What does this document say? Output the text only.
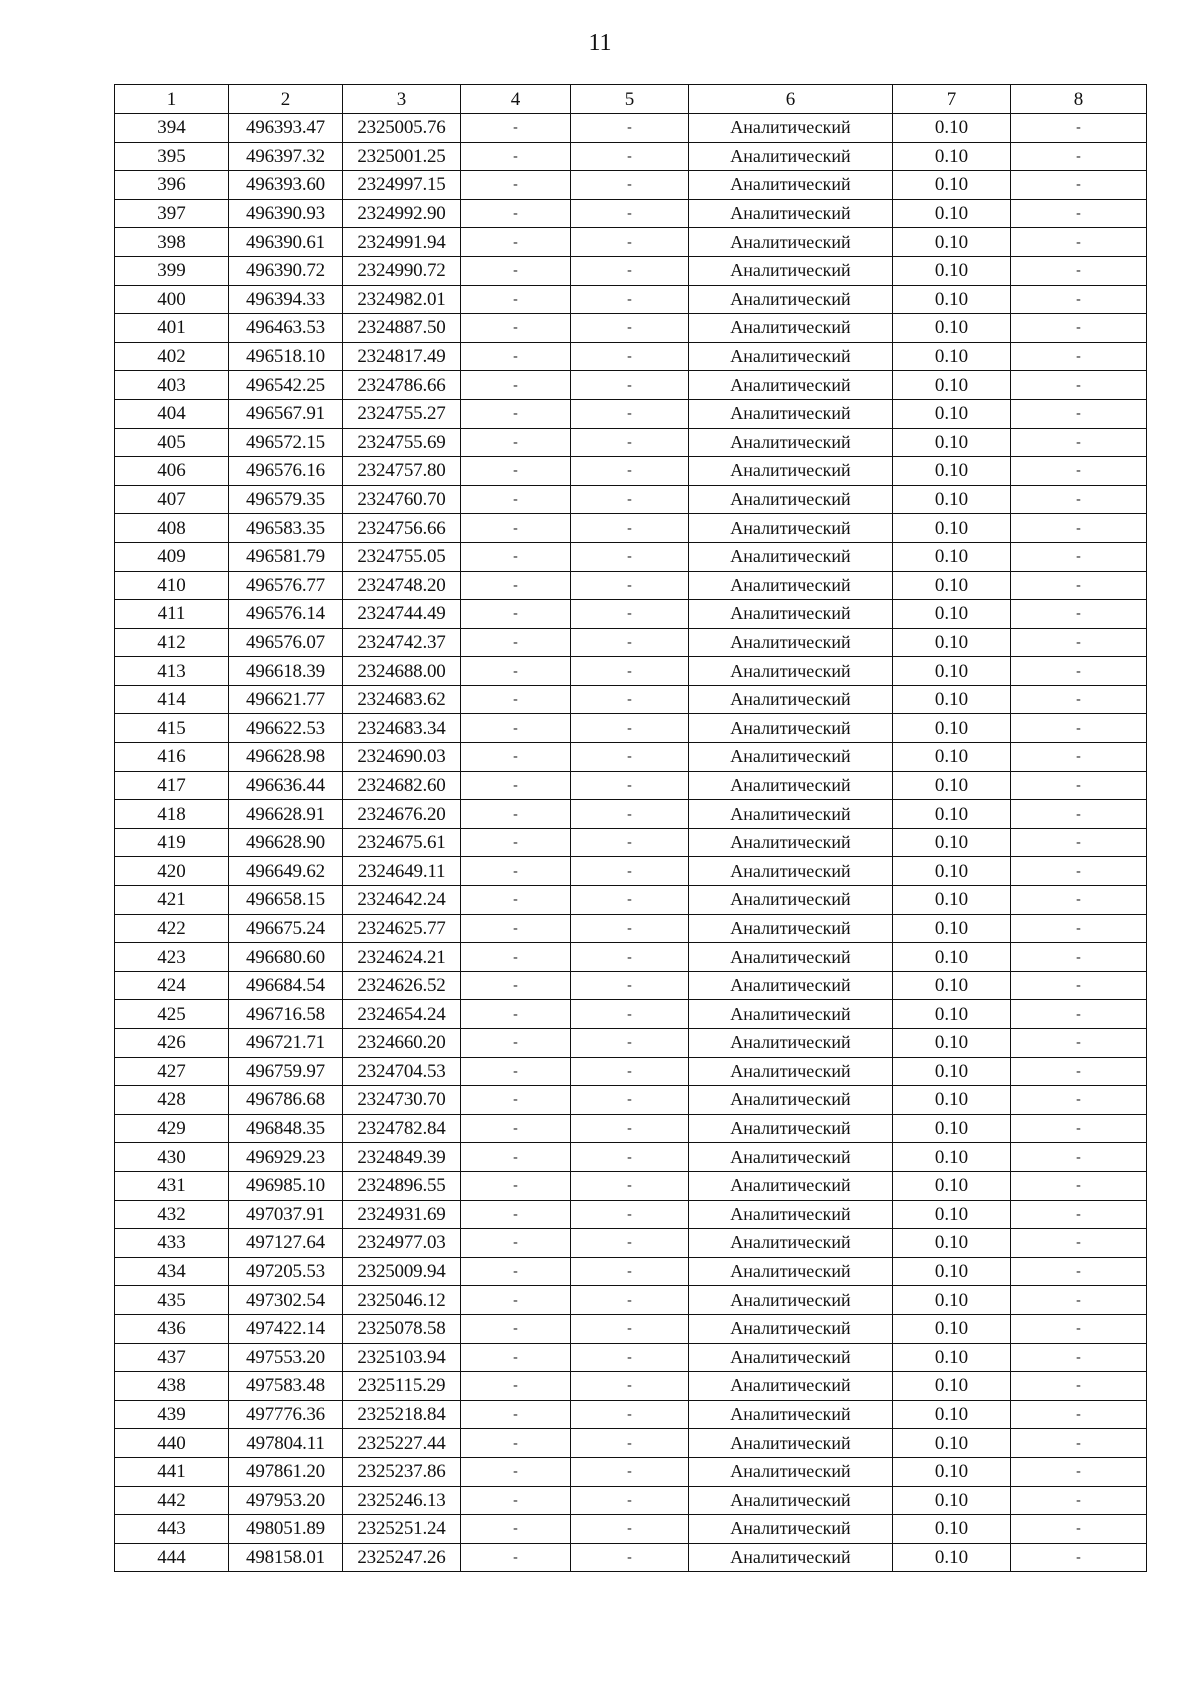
11
1	2	3	4	5	6	7	8
394	496393.47	2325005.76	-	-	Аналитический	0.10	-
395	496397.32	2325001.25	-	-	Аналитический	0.10	-
396	496393.60	2324997.15	-	-	Аналитический	0.10	-
397	496390.93	2324992.90	-	-	Аналитический	0.10	-
398	496390.61	2324991.94	-	-	Аналитический	0.10	-
399	496390.72	2324990.72	-	-	Аналитический	0.10	-
400	496394.33	2324982.01	-	-	Аналитический	0.10	-
401	496463.53	2324887.50	-	-	Аналитический	0.10	-
402	496518.10	2324817.49	-	-	Аналитический	0.10	-
403	496542.25	2324786.66	-	-	Аналитический	0.10	-
404	496567.91	2324755.27	-	-	Аналитический	0.10	-
405	496572.15	2324755.69	-	-	Аналитический	0.10	-
406	496576.16	2324757.80	-	-	Аналитический	0.10	-
407	496579.35	2324760.70	-	-	Аналитический	0.10	-
408	496583.35	2324756.66	-	-	Аналитический	0.10	-
409	496581.79	2324755.05	-	-	Аналитический	0.10	-
410	496576.77	2324748.20	-	-	Аналитический	0.10	-
411	496576.14	2324744.49	-	-	Аналитический	0.10	-
412	496576.07	2324742.37	-	-	Аналитический	0.10	-
413	496618.39	2324688.00	-	-	Аналитический	0.10	-
414	496621.77	2324683.62	-	-	Аналитический	0.10	-
415	496622.53	2324683.34	-	-	Аналитический	0.10	-
416	496628.98	2324690.03	-	-	Аналитический	0.10	-
417	496636.44	2324682.60	-	-	Аналитический	0.10	-
418	496628.91	2324676.20	-	-	Аналитический	0.10	-
419	496628.90	2324675.61	-	-	Аналитический	0.10	-
420	496649.62	2324649.11	-	-	Аналитический	0.10	-
421	496658.15	2324642.24	-	-	Аналитический	0.10	-
422	496675.24	2324625.77	-	-	Аналитический	0.10	-
423	496680.60	2324624.21	-	-	Аналитический	0.10	-
424	496684.54	2324626.52	-	-	Аналитический	0.10	-
425	496716.58	2324654.24	-	-	Аналитический	0.10	-
426	496721.71	2324660.20	-	-	Аналитический	0.10	-
427	496759.97	2324704.53	-	-	Аналитический	0.10	-
428	496786.68	2324730.70	-	-	Аналитический	0.10	-
429	496848.35	2324782.84	-	-	Аналитический	0.10	-
430	496929.23	2324849.39	-	-	Аналитический	0.10	-
431	496985.10	2324896.55	-	-	Аналитический	0.10	-
432	497037.91	2324931.69	-	-	Аналитический	0.10	-
433	497127.64	2324977.03	-	-	Аналитический	0.10	-
434	497205.53	2325009.94	-	-	Аналитический	0.10	-
435	497302.54	2325046.12	-	-	Аналитический	0.10	-
436	497422.14	2325078.58	-	-	Аналитический	0.10	-
437	497553.20	2325103.94	-	-	Аналитический	0.10	-
438	497583.48	2325115.29	-	-	Аналитический	0.10	-
439	497776.36	2325218.84	-	-	Аналитический	0.10	-
440	497804.11	2325227.44	-	-	Аналитический	0.10	-
441	497861.20	2325237.86	-	-	Аналитический	0.10	-
442	497953.20	2325246.13	-	-	Аналитический	0.10	-
443	498051.89	2325251.24	-	-	Аналитический	0.10	-
444	498158.01	2325247.26	-	-	Аналитический	0.10	-
